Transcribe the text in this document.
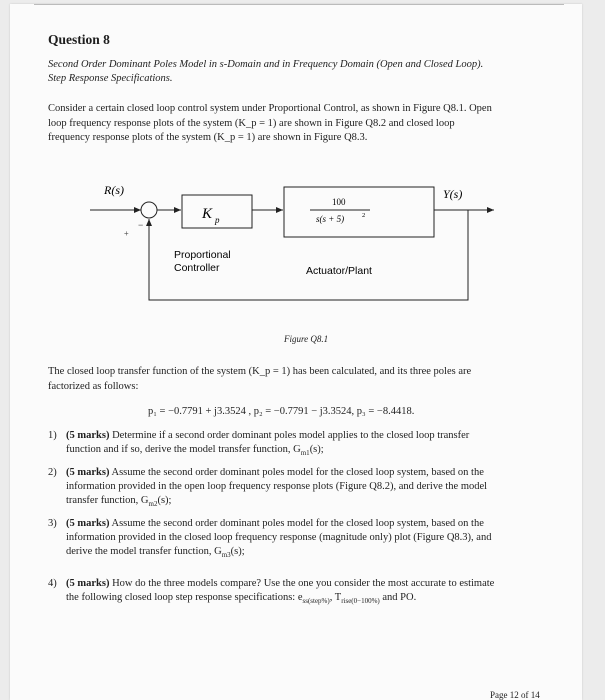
Question 8
Second Order Dominant Poles Model in s-Domain and in Frequency Domain (Open and Closed Loop).
Step Response Specifications.
Consider a certain closed loop control system under Proportional Control, as shown in Figure Q8.1. Open
loop frequency response plots of the system (K_p = 1) are shown in Figure Q8.2 and closed loop
frequency response plots of the system (K_p = 1) are shown in Figure Q8.3.
R(s)	Y(s)
+
−
K p
100
s(s + 5)	2
Proportional
Controller	Actuator/Plant
Figure Q8.1
The closed loop transfer function of the system (K_p = 1) has been calculated, and its three poles are
factorized as follows:
p₁ = −0.7791 + j3.3524 , p₂ = −0.7791 − j3.3524, p₃ = −8.4418.
1) (5 marks) Determine if a second order dominant poles model applies to the closed loop transfer
function and if so, derive the model transfer function, $G_{m1}(s)$;
2) (5 marks) Assume the second order dominant poles model for the closed loop system, based on the
information provided in the open loop frequency response plots (Figure Q8.2), and derive the model
transfer function, $G_{m2}(s)$;
3) (5 marks) Assume the second order dominant poles model for the closed loop system, based on the
information provided in the closed loop frequency response (magnitude only) plot (Figure Q8.3), and
derive the model transfer function, $G_{m3}(s)$;
4) (5 marks) How do the three models compare? Use the one you consider the most accurate to estimate
the following closed loop step response specifications: $e_{ss(step\%)}$, $T_{rise(0-100\%)}$ and PO.
Page 12 of 14
